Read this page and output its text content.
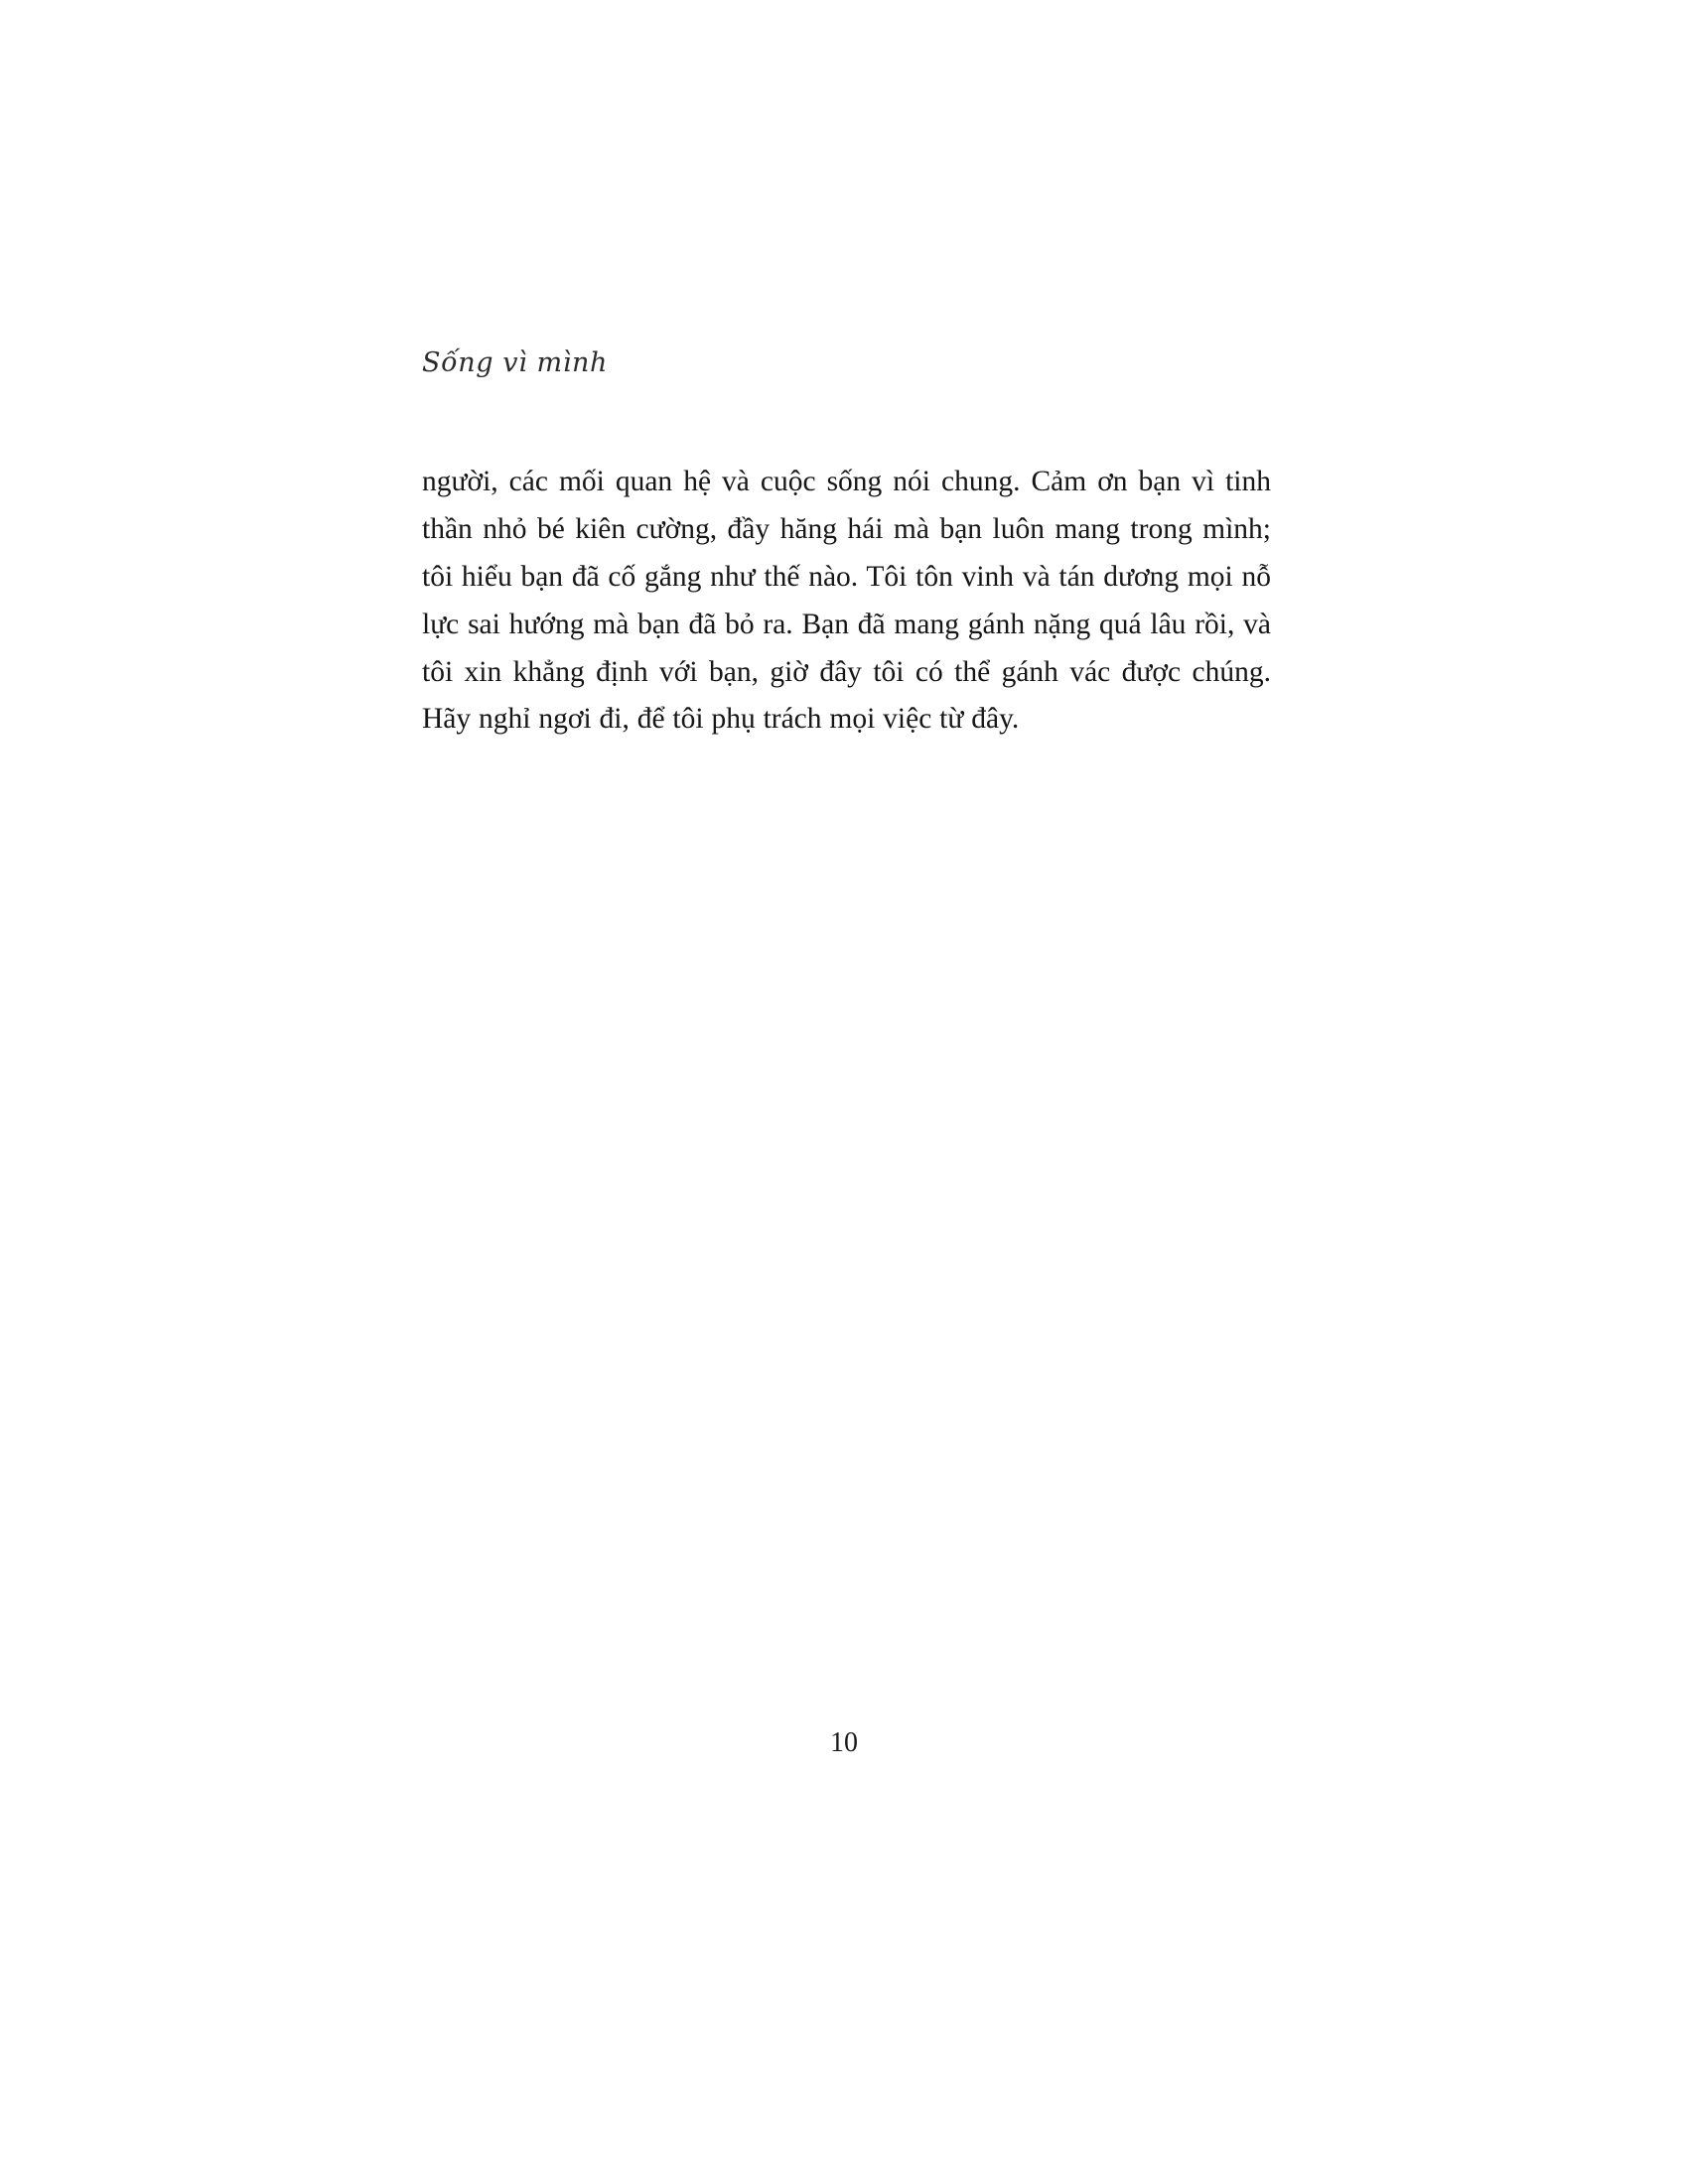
Sống vì mình

người, các mối quan hệ và cuộc sống nói chung. Cảm ơn bạn vì tinh thần nhỏ bé kiên cường, đầy hăng hái mà bạn luôn mang trong mình; tôi hiểu bạn đã cố gắng như thế nào. Tôi tôn vinh và tán dương mọi nỗ lực sai hướng mà bạn đã bỏ ra. Bạn đã mang gánh nặng quá lâu rồi, và tôi xin khẳng định với bạn, giờ đây tôi có thể gánh vác được chúng. Hãy nghỉ ngơi đi, để tôi phụ trách mọi việc từ đây.

10
